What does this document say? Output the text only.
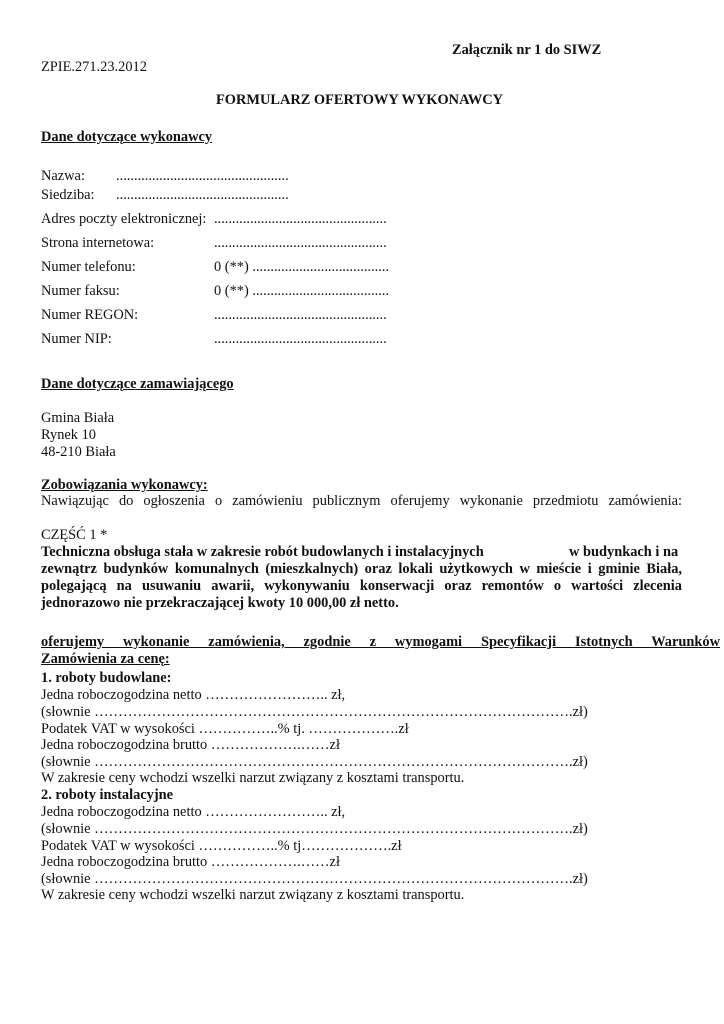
Załącznik nr 1 do SIWZ
ZPIE.271.23.2012
FORMULARZ OFERTOWY WYKONAWCY
Dane dotyczące wykonawcy
Nazwa: ................................................
Siedziba: ................................................
Adres poczty elektronicznej: ................................................
Strona internetowa:	................................................
Numer telefonu:	0 (**) ......................................
Numer faksu:	0 (**) ......................................
Numer REGON:	................................................
Numer NIP:	................................................
Dane dotyczące zamawiającego
Gmina Biała
Rynek 10
48-210 Biała
Zobowiązania wykonawcy:
Nawiązując do ogłoszenia o zamówieniu publicznym oferujemy wykonanie przedmiotu zamówienia:
CZĘŚĆ 1 *
Techniczna obsługa stała w zakresie robót budowlanych i instalacyjnych	w budynkach i na
zewnątrz budynków komunalnych (mieszkalnych) oraz lokali użytkowych w mieście i gminie Biała,
polegającą na usuwaniu awarii, wykonywaniu konserwacji oraz remontów o wartości zlecenia
jednorazowo nie przekraczającej kwoty 10 000,00 zł netto.
oferujemy wykonanie zamówienia, zgodnie z wymogami Specyfikacji Istotnych Warunków
Zamówienia za cenę:
1. roboty budowlane:
Jedna roboczogodzina netto …………………….. zł,
(słownie ……………………………………………………………………………………….zł)
Podatek VAT w wysokości ……………..% tj. ……………….zł
Jedna roboczogodzina brutto ……………….……zł
(słownie ……………………………………………………………………………………….zł)
W zakresie ceny wchodzi wszelki narzut związany z kosztami transportu.
2. roboty instalacyjne
Jedna roboczogodzina netto …………………….. zł,
(słownie ……………………………………………………………………………………….zł)
Podatek VAT w wysokości ……………..% tj……………….zł
Jedna roboczogodzina brutto ……………….……zł
(słownie ……………………………………………………………………………………….zł)
W zakresie ceny wchodzi wszelki narzut związany z kosztami transportu.
